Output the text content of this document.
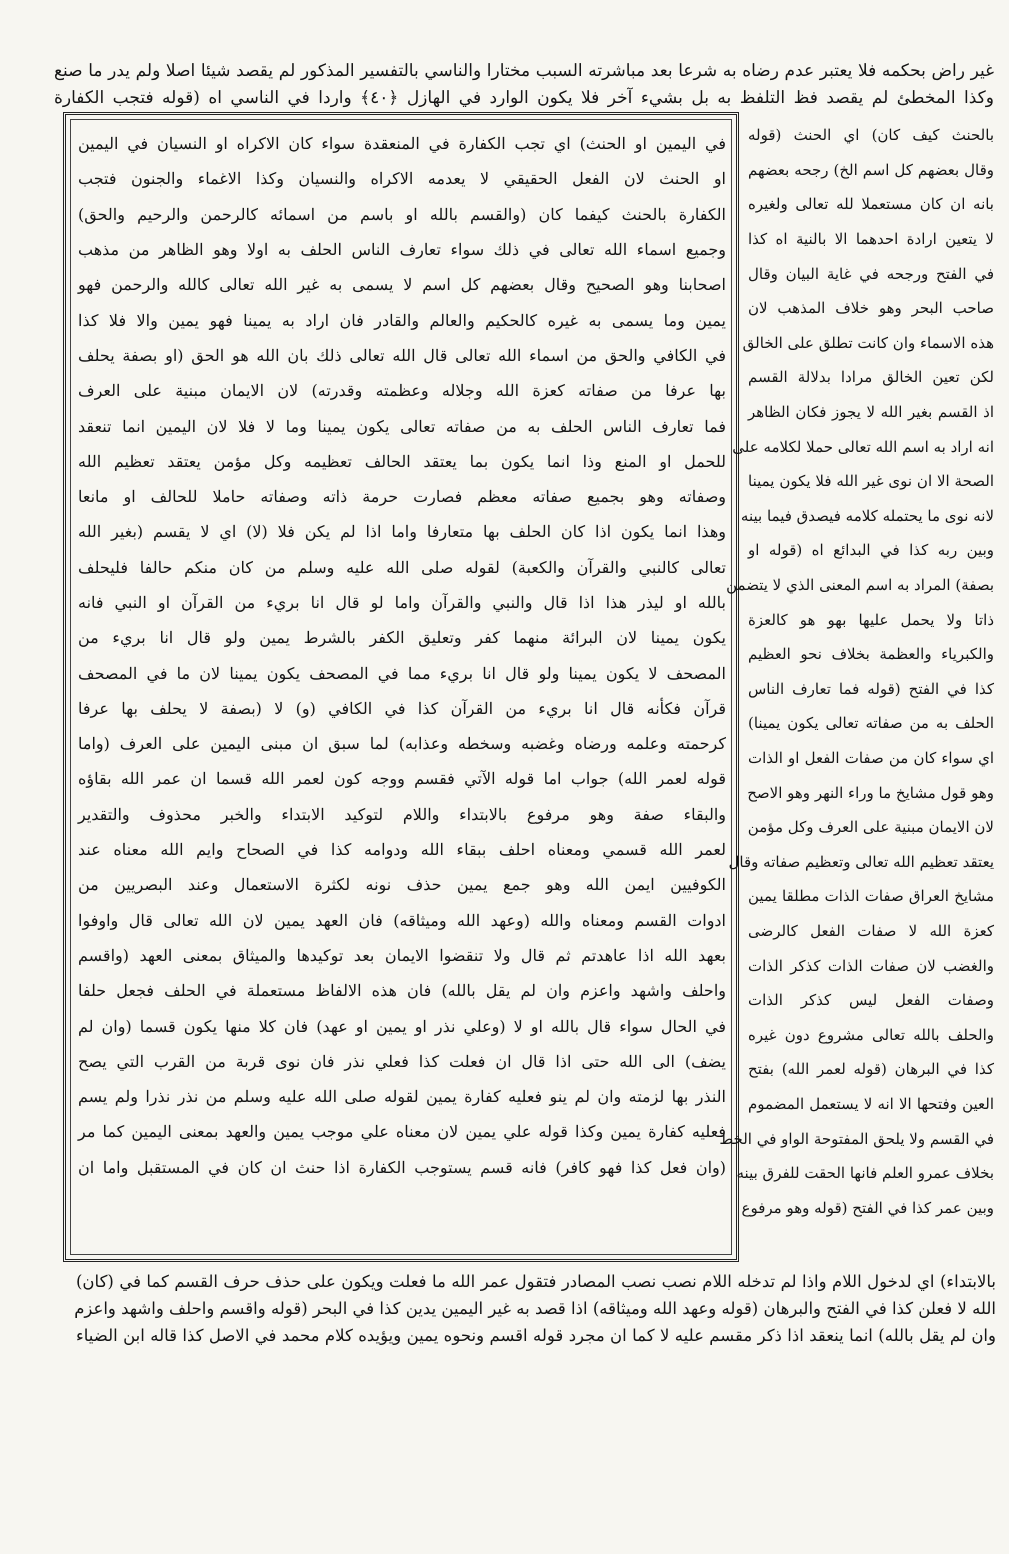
غير راض بحكمه فلا يعتبر عدم رضاه به شرعا بعد مباشرته السبب مختارا والناسي بالتفسير المذكور لم يقصد شيئا اصلا ولم يدر ما صنع
وكذا المخطئ لم يقصد فظ التلفظ به بل بشيء آخر فلا يكون الوارد في الهازل ﴿٤٠﴾ واردا في الناسي اه (قوله فتجب الكفارة
في اليمين او الحنث) اي تجب الكفارة في المنعقدة سواء كان الاكراه او النسيان في اليمين
او الحنث لان الفعل الحقيقي لا يعدمه الاكراه والنسيان وكذا الاغماء والجنون فتجب
الكفارة بالحنث كيفما كان (والقسم بالله او باسم من اسمائه كالرحمن والرحيم والحق)
وجميع اسماء الله تعالى في ذلك سواء تعارف الناس الحلف به اولا وهو الظاهر من مذهب
اصحابنا وهو الصحيح وقال بعضهم كل اسم لا يسمى به غير الله تعالى كالله والرحمن فهو
يمين وما يسمى به غيره كالحكيم والعالم والقادر فان اراد به يمينا فهو يمين والا فلا كذا
في الكافي والحق من اسماء الله تعالى قال الله تعالى ذلك بان الله هو الحق (او بصفة يحلف
بها عرفا من صفاته كعزة الله وجلاله وعظمته وقدرته) لان الايمان مبنية على العرف
فما تعارف الناس الحلف به من صفاته تعالى يكون يمينا وما لا فلا لان اليمين انما تنعقد
للحمل او المنع وذا انما يكون بما يعتقد الحالف تعظيمه وكل مؤمن يعتقد تعظيم الله
وصفاته وهو بجميع صفاته معظم فصارت حرمة ذاته وصفاته حاملا للحالف او مانعا
وهذا انما يكون اذا كان الحلف بها متعارفا واما اذا لم يكن فلا (لا) اي لا يقسم (بغير الله
تعالى كالنبي والقرآن والكعبة) لقوله صلى الله عليه وسلم من كان منكم حالفا فليحلف
بالله او ليذر هذا اذا قال والنبي والقرآن واما لو قال انا بريء من القرآن او النبي فانه
يكون يمينا لان البرائة منهما كفر وتعليق الكفر بالشرط يمين ولو قال انا بريء من
المصحف لا يكون يمينا ولو قال انا بريء مما في المصحف يكون يمينا لان ما في المصحف
قرآن فكأنه قال انا بريء من القرآن كذا في الكافي (و) لا (بصفة لا يحلف بها عرفا
كرحمته وعلمه ورضاه وغضبه وسخطه وعذابه) لما سبق ان مبنى اليمين على العرف (واما
قوله لعمر الله) جواب اما قوله الآتي فقسم ووجه كون لعمر الله قسما ان عمر الله بقاؤه
والبقاء صفة وهو مرفوع بالابتداء واللام لتوكيد الابتداء والخبر محذوف والتقدير
لعمر الله قسمي ومعناه احلف ببقاء الله ودوامه كذا في الصحاح وايم الله معناه عند
الكوفيين ايمن الله وهو جمع يمين حذف نونه لكثرة الاستعمال وعند البصريين من
ادوات القسم ومعناه والله (وعهد الله وميثاقه) فان العهد يمين لان الله تعالى قال واوفوا
بعهد الله اذا عاهدتم ثم قال ولا تنقضوا الايمان بعد توكيدها والميثاق بمعنى العهد (واقسم
واحلف واشهد واعزم وان لم يقل بالله) فان هذه الالفاظ مستعملة في الحلف فجعل حلفا
في الحال سواء قال بالله او لا (وعلي نذر او يمين او عهد) فان كلا منها يكون قسما (وان لم
يضف) الى الله حتى اذا قال ان فعلت كذا فعلي نذر فان نوى قربة من القرب التي يصح
النذر بها لزمته وان لم ينو فعليه كفارة يمين لقوله صلى الله عليه وسلم من نذر نذرا ولم يسم
فعليه كفارة يمين وكذا قوله علي يمين لان معناه علي موجب يمين والعهد بمعنى اليمين كما مر
(وان فعل كذا فهو كافر) فانه قسم يستوجب الكفارة اذا حنث ان كان في المستقبل واما ان
بالحنث كيف كان) اي الحنث (قوله
وقال بعضهم كل اسم الخ) رجحه بعضهم
بانه ان كان مستعملا لله تعالى ولغيره
لا يتعين ارادة احدهما الا بالنية اه كذا
في الفتح ورجحه في غاية البيان وقال
صاحب البحر وهو خلاف المذهب لان
هذه الاسماء وان كانت تطلق على الخالق
لكن تعين الخالق مرادا بدلالة القسم
اذ القسم بغير الله لا يجوز فكان الظاهر
انه اراد به اسم الله تعالى حملا لكلامه على
الصحة الا ان نوى غير الله فلا يكون يمينا
لانه نوى ما يحتمله كلامه فيصدق فيما بينه
وبين ربه كذا في البدائع اه (قوله او
بصفة) المراد به اسم المعنى الذي لا يتضمن
ذاتا ولا يحمل عليها بهو هو كالعزة
والكبرياء والعظمة بخلاف نحو العظيم
كذا في الفتح (قوله فما تعارف الناس
الحلف به من صفاته تعالى يكون يمينا)
اي سواء كان من صفات الفعل او الذات
وهو قول مشايخ ما وراء النهر وهو الاصح
لان الايمان مبنية على العرف وكل مؤمن
يعتقد تعظيم الله تعالى وتعظيم صفاته وقال
مشايخ العراق صفات الذات مطلقا يمين
كعزة الله لا صفات الفعل كالرضى
والغضب لان صفات الذات كذكر الذات
وصفات الفعل ليس كذكر الذات
والحلف بالله تعالى مشروع دون غيره
كذا في البرهان (قوله لعمر الله) بفتح
العين وفتحها الا انه لا يستعمل المضموم
في القسم ولا يلحق المفتوحة الواو في الخط
بخلاف عمرو العلم فانها الحقت للفرق بينه
وبين عمر كذا في الفتح (قوله وهو مرفوع
بالابتداء) اي لدخول اللام واذا لم تدخله اللام نصب نصب المصادر فتقول عمر الله ما فعلت ويكون على حذف حرف القسم كما في (كان)
الله لا فعلن كذا في الفتح والبرهان (قوله وعهد الله وميثاقه) اذا قصد به غير اليمين يدين كذا في البحر (قوله واقسم واحلف واشهد واعزم
وان لم يقل بالله) انما ينعقد اذا ذكر مقسم عليه لا كما ان مجرد قوله اقسم ونحوه يمين ويؤيده كلام محمد في الاصل كذا قاله ابن الضياء
